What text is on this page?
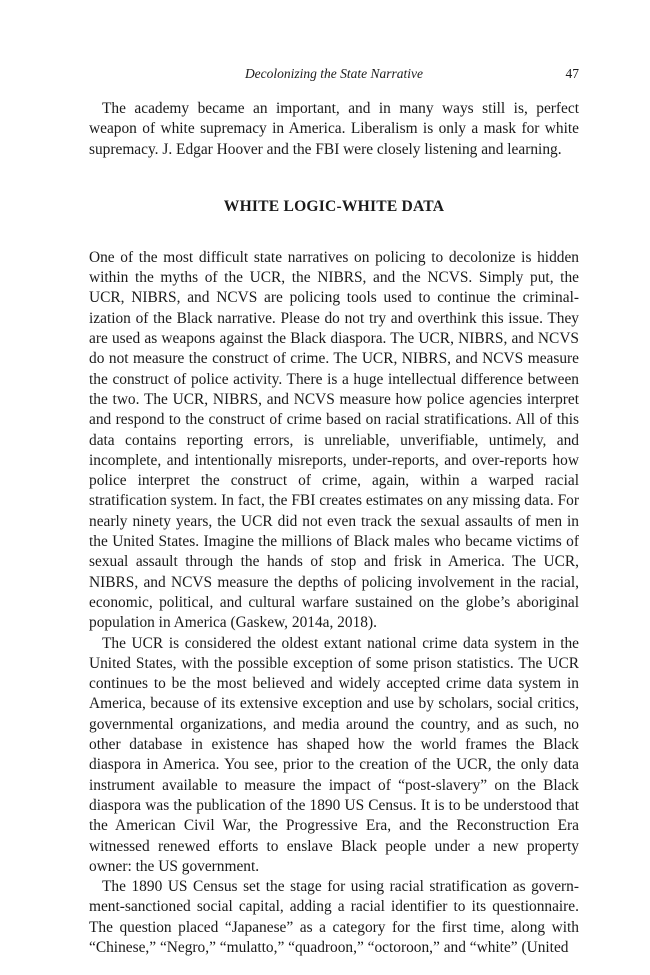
Decolonizing the State Narrative	47

The academy became an important, and in many ways still is, perfect weapon of white supremacy in America. Liberalism is only a mask for white supremacy. J. Edgar Hoover and the FBI were closely listening and learning.

WHITE LOGIC-WHITE DATA

One of the most difficult state narratives on policing to decolonize is hidden within the myths of the UCR, the NIBRS, and the NCVS. Simply put, the UCR, NIBRS, and NCVS are policing tools used to continue the criminalization of the Black narrative. Please do not try and overthink this issue. They are used as weapons against the Black diaspora. The UCR, NIBRS, and NCVS do not measure the construct of crime. The UCR, NIBRS, and NCVS measure the construct of police activity. There is a huge intellectual difference between the two. The UCR, NIBRS, and NCVS measure how police agencies interpret and respond to the construct of crime based on racial stratifications. All of this data contains reporting errors, is unreliable, unverifiable, untimely, and incomplete, and intentionally misreports, under-reports, and over-reports how police interpret the construct of crime, again, within a warped racial stratification system. In fact, the FBI creates estimates on any missing data. For nearly ninety years, the UCR did not even track the sexual assaults of men in the United States. Imagine the millions of Black males who became victims of sexual assault through the hands of stop and frisk in America. The UCR, NIBRS, and NCVS measure the depths of policing involvement in the racial, economic, political, and cultural warfare sustained on the globe’s aboriginal population in America (Gaskew, 2014a, 2018).

The UCR is considered the oldest extant national crime data system in the United States, with the possible exception of some prison statistics. The UCR continues to be the most believed and widely accepted crime data system in America, because of its extensive exception and use by scholars, social critics, governmental organizations, and media around the country, and as such, no other database in existence has shaped how the world frames the Black diaspora in America. You see, prior to the creation of the UCR, the only data instrument available to measure the impact of “post-slavery” on the Black diaspora was the publication of the 1890 US Census. It is to be understood that the American Civil War, the Progressive Era, and the Reconstruction Era witnessed renewed efforts to enslave Black people under a new property owner: the US government.

The 1890 US Census set the stage for using racial stratification as government-sanctioned social capital, adding a racial identifier to its questionnaire. The question placed “Japanese” as a category for the first time, along with “Chinese,” “Negro,” “mulatto,” “quadroon,” “octoroon,” and “white” (United
